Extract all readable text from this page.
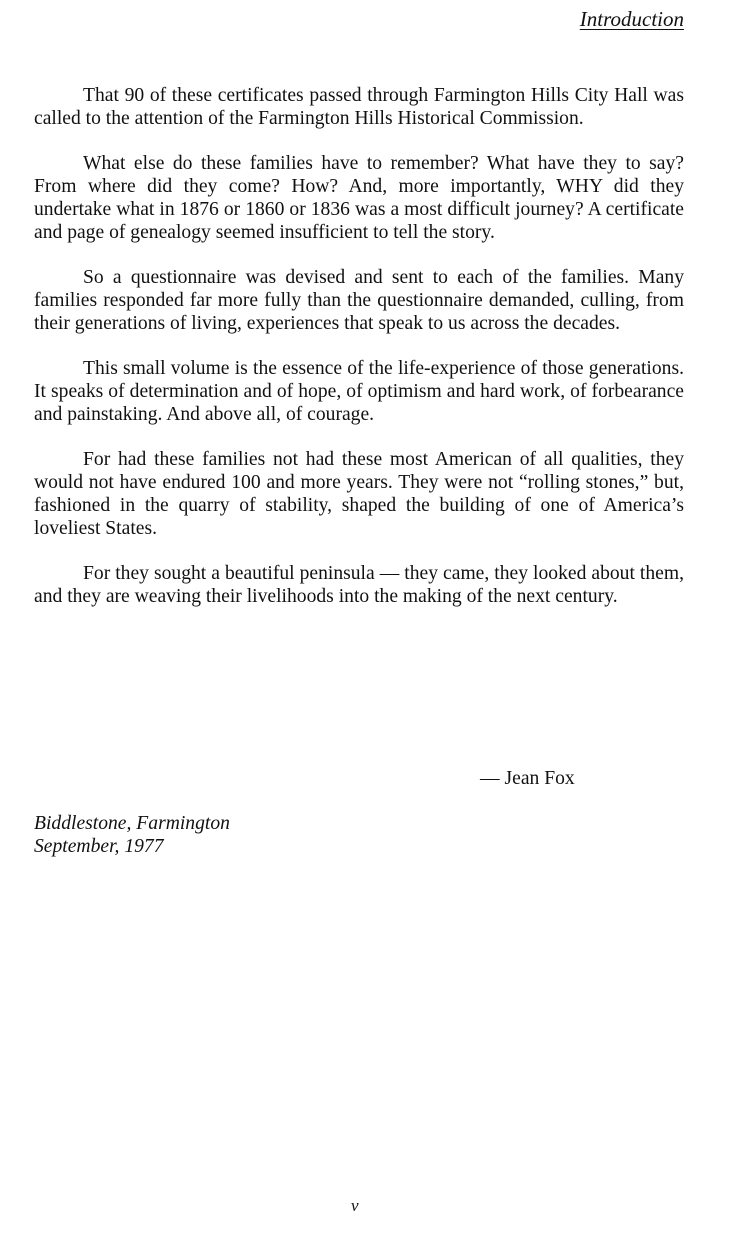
Introduction

That 90 of these certificates passed through Farmington Hills City Hall was called to the attention of the Farmington Hills Historical Commission.

What else do these families have to remember? What have they to say? From where did they come? How? And, more importantly, WHY did they undertake what in 1876 or 1860 or 1836 was a most difficult journey? A certificate and page of genealogy seemed insufficient to tell the story.

So a questionnaire was devised and sent to each of the families. Many families responded far more fully than the questionnaire demanded, culling, from their generations of living, experiences that speak to us across the decades.

This small volume is the essence of the life-experience of those generations. It speaks of determination and of hope, of optimism and hard work, of forbearance and painstaking. And above all, of courage.

For had these families not had these most American of all qualities, they would not have endured 100 and more years. They were not “rolling stones,” but, fashioned in the quarry of stability, shaped the building of one of America’s loveliest States.

For they sought a beautiful peninsula — they came, they looked about them, and they are weaving their livelihoods into the making of the next century.

— Jean Fox
Biddlestone, Farmington
September, 1977
v
